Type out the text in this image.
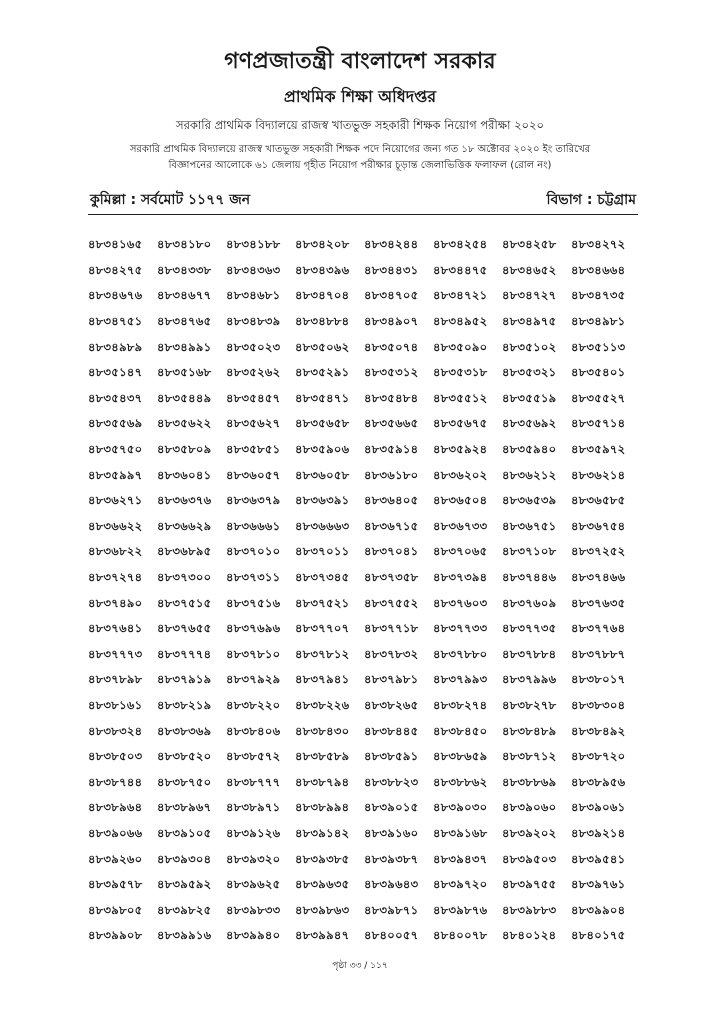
গণপ্রজাতন্ত্রী বাংলাদেশ সরকার
প্রাথমিক শিক্ষা অধিদপ্তর
সরকারি প্রাথমিক বিদ্যালয়ে রাজস্ব খাতভুক্ত সহকারী শিক্ষক নিয়োগ পরীক্ষা ২০২০
সরকারি প্রাথমিক বিদ্যালয়ে রাজস্ব খাতভুক্ত সহকারী শিক্ষক পদে নিয়োগের জন্য গত ১৮ অক্টোবর ২০২০ ইং তারিখের
বিজ্ঞাপনের আলোকে ৬১ জেলায় গৃহীত নিয়োগ পরীক্ষার চূড়ান্ত জেলাভিত্তিক ফলাফল (রোল নং)
কুমিল্লা : সর্বমোট ১১৭৭ জন	বিভাগ : চট্টগ্রাম
৪৮৩৪১৬৫	৪৮৩৪১৮০	৪৮৩৪১৮৮	৪৮৩৪২০৮	৪৮৩৪২৪৪	৪৮৩৪২৫৪	৪৮৩৪২৫৮	৪৮৩৪২৭২
৪৮৩৪২৭৫	৪৮৩৪৩৩৮	৪৮৩৪৩৬৩	৪৮৩৪৩৯৬	৪৮৩৪৪৩১	৪৮৩৪৪৭৫	৪৮৩৪৬৫২	৪৮৩৪৬৬৪
৪৮৩৪৬৭৬	৪৮৩৪৬৭৭	৪৮৩৪৬৮১	৪৮৩৪৭০৪	৪৮৩৪৭০৫	৪৮৩৪৭২১	৪৮৩৪৭২৭	৪৮৩৪৭৩৫
৪৮৩৪৭৫১	৪৮৩৪৭৬৫	৪৮৩৪৮৩৯	৪৮৩৪৮৮৪	৪৮৩৪৯০৭	৪৮৩৪৯৫২	৪৮৩৪৯৭৫	৪৮৩৪৯৮১
৪৮৩৪৯৮৯	৪৮৩৪৯৯১	৪৮৩৫০২৩	৪৮৩৫০৬২	৪৮৩৫০৭৪	৪৮৩৫০৯০	৪৮৩৫১০২	৪৮৩৫১১৩
৪৮৩৫১৪৭	৪৮৩৫১৬৮	৪৮৩৫২৬২	৪৮৩৫২৯১	৪৮৩৫৩১২	৪৮৩৫৩১৮	৪৮৩৫৩২১	৪৮৩৫৪০১
৪৮৩৫৪৩৭	৪৮৩৫৪৪৯	৪৮৩৫৪৫৭	৪৮৩৫৪৭১	৪৮৩৫৪৮৪	৪৮৩৫৫১২	৪৮৩৫৫১৯	৪৮৩৫৫২৭
৪৮৩৫৫৬৯	৪৮৩৫৬২২	৪৮৩৫৬২৭	৪৮৩৫৬৫৮	৪৮৩৫৬৬৫	৪৮৩৫৬৭৫	৪৮৩৫৬৯২	৪৮৩৫৭১৪
৪৮৩৫৭৫০	৪৮৩৫৮০৯	৪৮৩৫৮৫১	৪৮৩৫৯০৬	৪৮৩৫৯১৪	৪৮৩৫৯২৪	৪৮৩৫৯৪০	৪৮৩৫৯৭২
৪৮৩৫৯৯৭	৪৮৩৬০৪১	৪৮৩৬০৫৭	৪৮৩৬০৫৮	৪৮৩৬১৮০	৪৮৩৬২০২	৪৮৩৬২১২	৪৮৩৬২১৪
৪৮৩৬২৭১	৪৮৩৬৩৭৬	৪৮৩৬৩৭৯	৪৮৩৬৩৯১	৪৮৩৬৪০৫	৪৮৩৬৫০৪	৪৮৩৬৫৩৯	৪৮৩৬৫৮৫
৪৮৩৬৬২২	৪৮৩৬৬২৯	৪৮৩৬৬৬১	৪৮৩৬৬৬৩	৪৮৩৬৭১৫	৪৮৩৬৭৩৩	৪৮৩৬৭৫১	৪৮৩৬৭৫৪
৪৮৩৬৮২২	৪৮৩৬৮৯৫	৪৮৩৭০১০	৪৮৩৭০১১	৪৮৩৭০৪১	৪৮৩৭০৬৫	৪৮৩৭১০৮	৪৮৩৭২৫২
৪৮৩৭২৭৪	৪৮৩৭৩০০	৪৮৩৭৩১১	৪৮৩৭৩৪৫	৪৮৩৭৩৫৮	৪৮৩৭৩৯৪	৪৮৩৭৪৪৬	৪৮৩৭৪৬৬
৪৮৩৭৪৯০	৪৮৩৭৫১৫	৪৮৩৭৫১৬	৪৮৩৭৫২১	৪৮৩৭৫৫২	৪৮৩৭৬০৩	৪৮৩৭৬০৯	৪৮৩৭৬৩৫
৪৮৩৭৬৪১	৪৮৩৭৬৫৫	৪৮৩৭৬৯৬	৪৮৩৭৭০৭	৪৮৩৭৭১৮	৪৮৩৭৭৩৩	৪৮৩৭৭৩৫	৪৮৩৭৭৬৪
৪৮৩৭৭৭৩	৪৮৩৭৭৭৪	৪৮৩৭৮১০	৪৮৩৭৮১২	৪৮৩৭৮৩২	৪৮৩৭৮৮০	৪৮৩৭৮৮৪	৪৮৩৭৮৮৭
৪৮৩৭৮৯৮	৪৮৩৭৯১৯	৪৮৩৭৯২৯	৪৮৩৭৯৪১	৪৮৩৭৯৮১	৪৮৩৭৯৯৩	৪৮৩৭৯৯৬	৪৮৩৮০১৭
৪৮৩৮১৬১	৪৮৩৮২১৯	৪৮৩৮২২০	৪৮৩৮২২৬	৪৮৩৮২৬৫	৪৮৩৮২৭৪	৪৮৩৮২৭৮	৪৮৩৮৩০৪
৪৮৩৮৩২৪	৪৮৩৮৩৬৯	৪৮৩৮৪০৬	৪৮৩৮৪৩০	৪৮৩৮৪৪৫	৪৮৩৮৪৫০	৪৮৩৮৪৮৯	৪৮৩৮৪৯২
৪৮৩৮৫০৩	৪৮৩৮৫২০	৪৮৩৮৫৭২	৪৮৩৮৫৮৯	৪৮৩৮৫৯১	৪৮৩৮৬৫৯	৪৮৩৮৭১২	৪৮৩৮৭২০
৪৮৩৮৭৪৪	৪৮৩৮৭৫০	৪৮৩৮৭৭৭	৪৮৩৮৭৯৪	৪৮৩৮৮২৩	৪৮৩৮৮৬২	৪৮৩৮৮৬৯	৪৮৩৮৯৫৬
৪৮৩৮৯৬৪	৪৮৩৮৯৬৭	৪৮৩৮৯৭১	৪৮৩৮৯৯৪	৪৮৩৯০১৫	৪৮৩৯০৩০	৪৮৩৯০৬০	৪৮৩৯০৬১
৪৮৩৯০৬৬	৪৮৩৯১০৫	৪৮৩৯১২৬	৪৮৩৯১৪২	৪৮৩৯১৬০	৪৮৩৯১৬৮	৪৮৩৯২০২	৪৮৩৯২১৪
৪৮৩৯২৬০	৪৮৩৯৩০৪	৪৮৩৯৩২০	৪৮৩৯৩৮৫	৪৮৩৯৩৮৭	৪৮৩৯৪৩৭	৪৮৩৯৫০৩	৪৮৩৯৫৪১
৪৮৩৯৫৭৮	৪৮৩৯৫৯২	৪৮৩৯৬২৫	৪৮৩৯৬৩৫	৪৮৩৯৬৪৩	৪৮৩৯৭২০	৪৮৩৯৭৫৫	৪৮৩৯৭৬১
৪৮৩৯৮০৫	৪৮৩৯৮২৫	৪৮৩৯৮৩৩	৪৮৩৯৮৬৩	৪৮৩৯৮৭১	৪৮৩৯৮৭৬	৪৮৩৯৮৮৩	৪৮৩৯৯০৪
৪৮৩৯৯০৮	৪৮৩৯৯১৬	৪৮৩৯৯৪০	৪৮৩৯৯৪৭	৪৮৪০০৫৭	৪৮৪০০৭৮	৪৮৪০১২৪	৪৮৪০১৭৫
পৃষ্ঠা ৩৩ / ১১৭
